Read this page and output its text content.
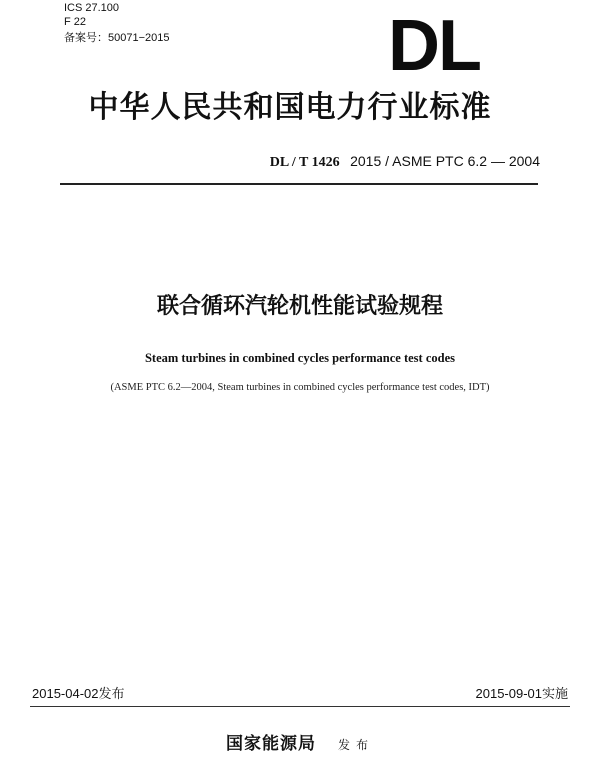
ICS 27.100
F 22
备案号：50071−2015	DL
中华人民共和国电力行业标准
DL / T 1426 2015 / ASME PTC 6.2 — 2004
联合循环汽轮机性能试验规程
Steam turbines in combined cycles performance test codes
(ASME PTC 6.2—2004, Steam turbines in combined cycles performance test codes, IDT)
2015-04-02发布	2015-09-01实施
国家能源局 发布
